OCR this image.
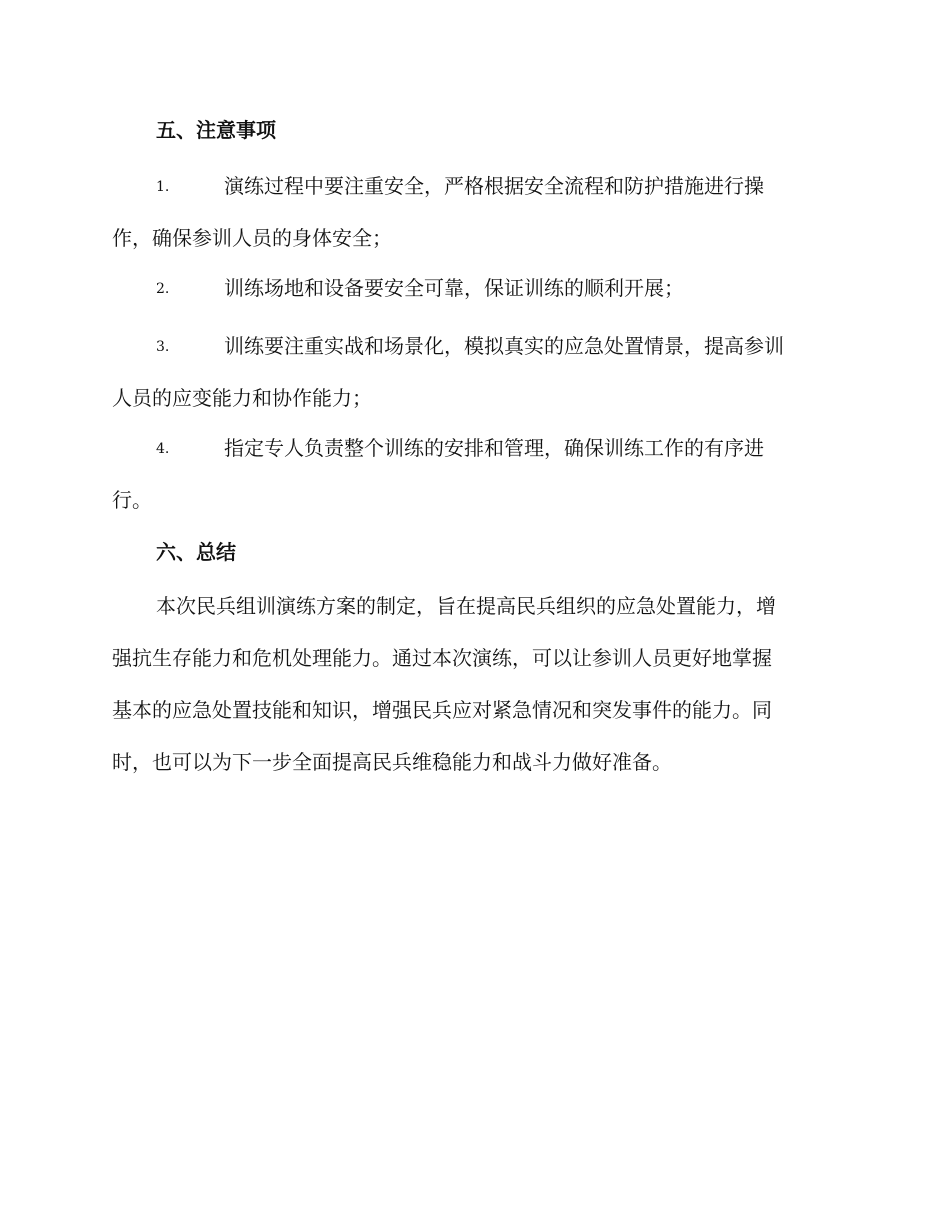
五、注意事项
1.	演练过程中要注重安全，严格根据安全流程和防护措施进行操
作，确保参训人员的身体安全；
2.	训练场地和设备要安全可靠，保证训练的顺利开展；
3.	训练要注重实战和场景化，模拟真实的应急处置情景，提高参训
人员的应变能力和协作能力；
4.	指定专人负责整个训练的安排和管理，确保训练工作的有序进
行。
六、总结
本次民兵组训演练方案的制定，旨在提高民兵组织的应急处置能力，增
强抗生存能力和危机处理能力。通过本次演练，可以让参训人员更好地掌握
基本的应急处置技能和知识，增强民兵应对紧急情况和突发事件的能力。同
时，也可以为下一步全面提高民兵维稳能力和战斗力做好准备。
